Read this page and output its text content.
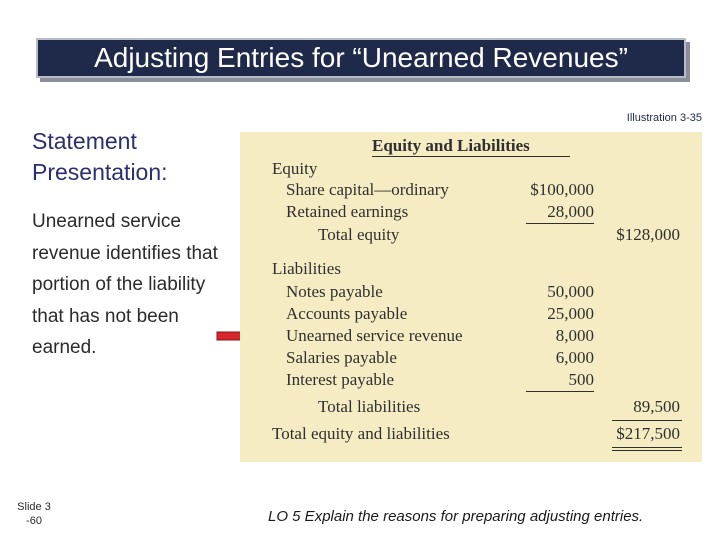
Adjusting Entries for “Unearned Revenues”
Illustration 3-35
Statement Presentation:
Unearned service revenue identifies that portion of the liability that has not been earned.
Equity and Liabilities
Equity
Share capital—ordinary	$100,000
Retained earnings	28,000
Total equity	$128,000
Liabilities
Notes payable	50,000
Accounts payable	25,000
Unearned service revenue	8,000
Salaries payable	6,000
Interest payable	500
Total liabilities	89,500
Total equity and liabilities	$217,500
Slide 3 -60	LO 5 Explain the reasons for preparing adjusting entries.
